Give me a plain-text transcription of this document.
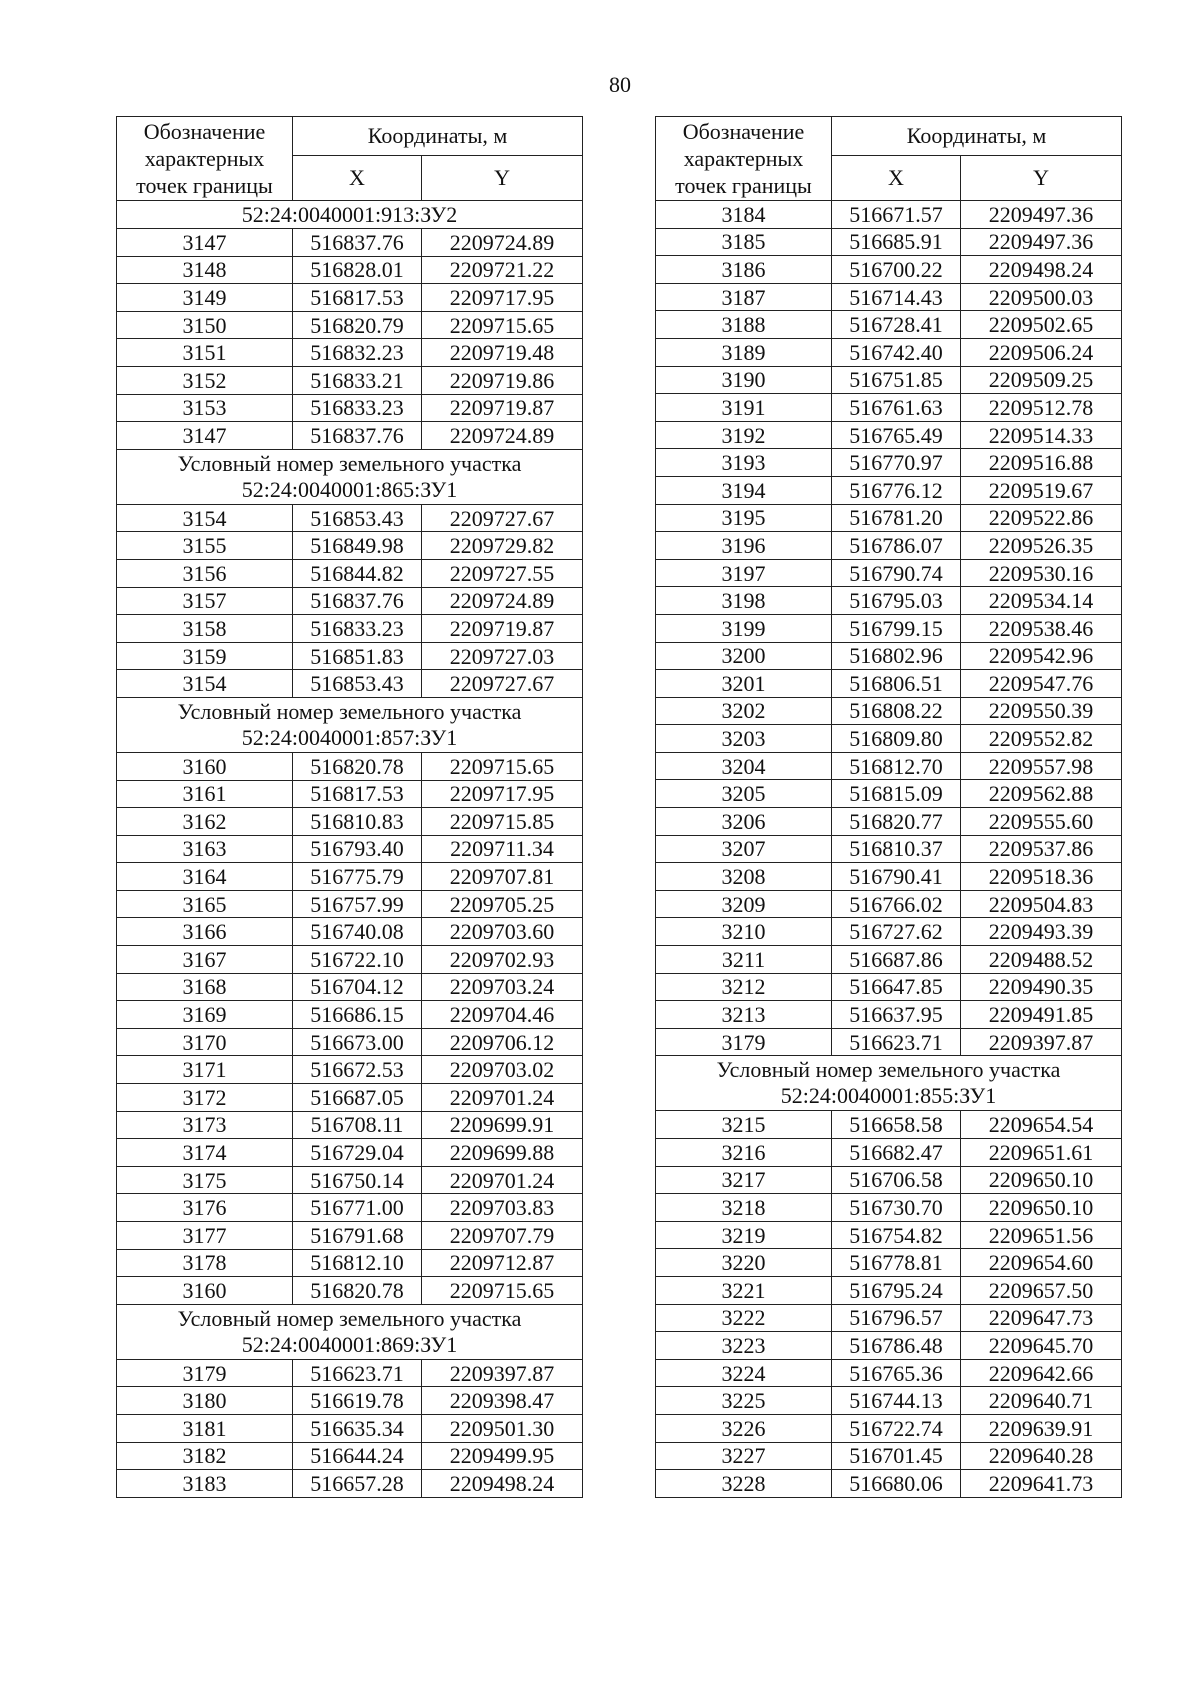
80
Обозначение характерных точек границы	Координаты, м	
	X	Y

52:24:0040001:913:ЗУ2		

3147	516837.76	2209724.89
3148	516828.01	2209721.22
3149	516817.53	2209717.95
3150	516820.79	2209715.65
3151	516832.23	2209719.48
3152	516833.21	2209719.86
3153	516833.23	2209719.87
3147	516837.76	2209724.89

Условный номер земельного участка
52:24:0040001:865:ЗУ1		

3154	516853.43	2209727.67
3155	516849.98	2209729.82
3156	516844.82	2209727.55
3157	516837.76	2209724.89
3158	516833.23	2209719.87
3159	516851.83	2209727.03
3154	516853.43	2209727.67

Условный номер земельного участка
52:24:0040001:857:ЗУ1		

3160	516820.78	2209715.65
3161	516817.53	2209717.95
3162	516810.83	2209715.85
3163	516793.40	2209711.34
3164	516775.79	2209707.81
3165	516757.99	2209705.25
3166	516740.08	2209703.60
3167	516722.10	2209702.93
3168	516704.12	2209703.24
3169	516686.15	2209704.46
3170	516673.00	2209706.12
3171	516672.53	2209703.02
3172	516687.05	2209701.24
3173	516708.11	2209699.91
3174	516729.04	2209699.88
3175	516750.14	2209701.24
3176	516771.00	2209703.83
3177	516791.68	2209707.79
3178	516812.10	2209712.87
3160	516820.78	2209715.65

Условный номер земельного участка
52:24:0040001:869:ЗУ1		

3179	516623.71	2209397.87
3180	516619.78	2209398.47
3181	516635.34	2209501.30
3182	516644.24	2209499.95
3183	516657.28	2209498.24
Обозначение характерных точек границы	Координаты, м	
	X	Y
3184	516671.57	2209497.36
3185	516685.91	2209497.36
3186	516700.22	2209498.24
3187	516714.43	2209500.03
3188	516728.41	2209502.65
3189	516742.40	2209506.24
3190	516751.85	2209509.25
3191	516761.63	2209512.78
3192	516765.49	2209514.33
3193	516770.97	2209516.88
3194	516776.12	2209519.67
3195	516781.20	2209522.86
3196	516786.07	2209526.35
3197	516790.74	2209530.16
3198	516795.03	2209534.14
3199	516799.15	2209538.46
3200	516802.96	2209542.96
3201	516806.51	2209547.76
3202	516808.22	2209550.39
3203	516809.80	2209552.82
3204	516812.70	2209557.98
3205	516815.09	2209562.88
3206	516820.77	2209555.60
3207	516810.37	2209537.86
3208	516790.41	2209518.36
3209	516766.02	2209504.83
3210	516727.62	2209493.39
3211	516687.86	2209488.52
3212	516647.85	2209490.35
3213	516637.95	2209491.85
3179	516623.71	2209397.87

Условный номер земельного участка
52:24:0040001:855:ЗУ1		

3215	516658.58	2209654.54
3216	516682.47	2209651.61
3217	516706.58	2209650.10
3218	516730.70	2209650.10
3219	516754.82	2209651.56
3220	516778.81	2209654.60
3221	516795.24	2209657.50
3222	516796.57	2209647.73
3223	516786.48	2209645.70
3224	516765.36	2209642.66
3225	516744.13	2209640.71
3226	516722.74	2209639.91
3227	516701.45	2209640.28
3228	516680.06	2209641.73
